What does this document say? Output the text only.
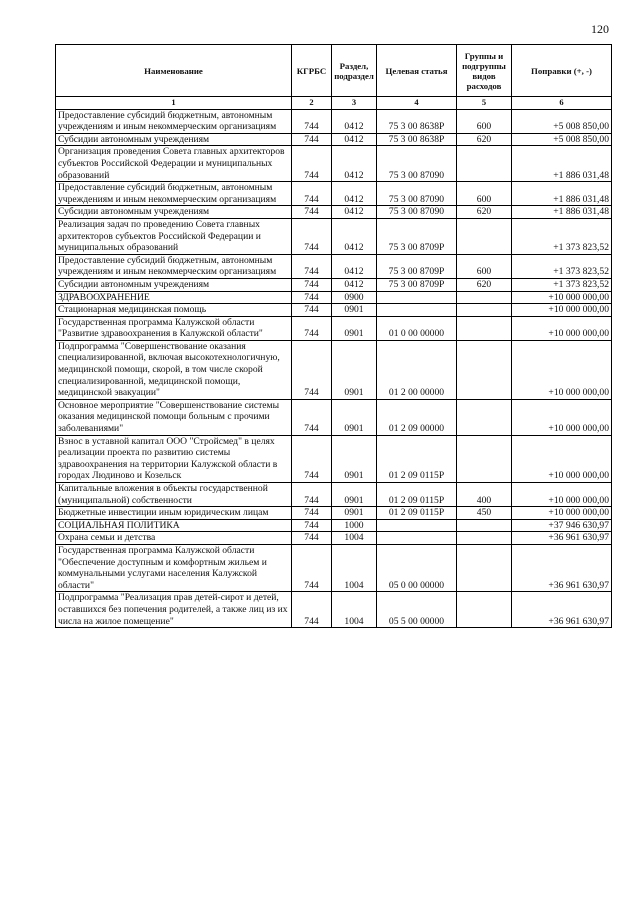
120
Наименование	КГРБС	Раздел, подраздел	Целевая статья	Группы и подгруппы видов расходов	Поправки (+, -)
1	2	3	4	5	6
Предоставление субсидий бюджетным, автономным учреждениям и иным некоммерческим организациям	744	0412	75 3 00 8638Р	600	+5 008 850,00
Субсидии автономным учреждениям	744	0412	75 3 00 8638Р	620	+5 008 850,00
Организация проведения Совета главных архитекторов субъектов Российской Федерации и муниципальных образований	744	0412	75 3 00 87090		+1 886 031,48
Предоставление субсидий бюджетным, автономным учреждениям и иным некоммерческим организациям	744	0412	75 3 00 87090	600	+1 886 031,48
Субсидии автономным учреждениям	744	0412	75 3 00 87090	620	+1 886 031,48
Реализация задач по проведению Совета главных архитекторов субъектов Российской Федерации и муниципальных образований	744	0412	75 3 00 8709Р		+1 373 823,52
Предоставление субсидий бюджетным, автономным учреждениям и иным некоммерческим организациям	744	0412	75 3 00 8709Р	600	+1 373 823,52
Субсидии автономным учреждениям	744	0412	75 3 00 8709Р	620	+1 373 823,52
ЗДРАВООХРАНЕНИЕ	744	0900			+10 000 000,00
Стационарная медицинская помощь	744	0901			+10 000 000,00
Государственная программа Калужской области "Развитие здравоохранения в Калужской области"	744	0901	01 0 00 00000		+10 000 000,00
Подпрограмма "Совершенствование оказания специализированной, включая высокотехнологичную, медицинской помощи, скорой, в том числе скорой специализированной, медицинской помощи, медицинской эвакуации"	744	0901	01 2 00 00000		+10 000 000,00
Основное мероприятие "Совершенствование системы оказания медицинской помощи больным с прочими заболеваниями"	744	0901	01 2 09 00000		+10 000 000,00
Взнос в уставной капитал ООО "Стройсмед" в целях реализации проекта по развитию системы здравоохранения на территории Калужской области в городах Людиново и Козельск	744	0901	01 2 09 0115Р		+10 000 000,00
Капитальные вложения в объекты государственной (муниципальной) собственности	744	0901	01 2 09 0115Р	400	+10 000 000,00
Бюджетные инвестиции иным юридическим лицам	744	0901	01 2 09 0115Р	450	+10 000 000,00
СОЦИАЛЬНАЯ ПОЛИТИКА	744	1000			+37 946 630,97
Охрана семьи и детства	744	1004			+36 961 630,97
Государственная программа Калужской области "Обеспечение доступным и комфортным жильем и коммунальными услугами населения Калужской области"	744	1004	05 0 00 00000		+36 961 630,97
Подпрограмма "Реализация прав детей-сирот и детей, оставшихся без попечения родителей, а также лиц из их числа на жилое помещение"	744	1004	05 5 00 00000		+36 961 630,97
